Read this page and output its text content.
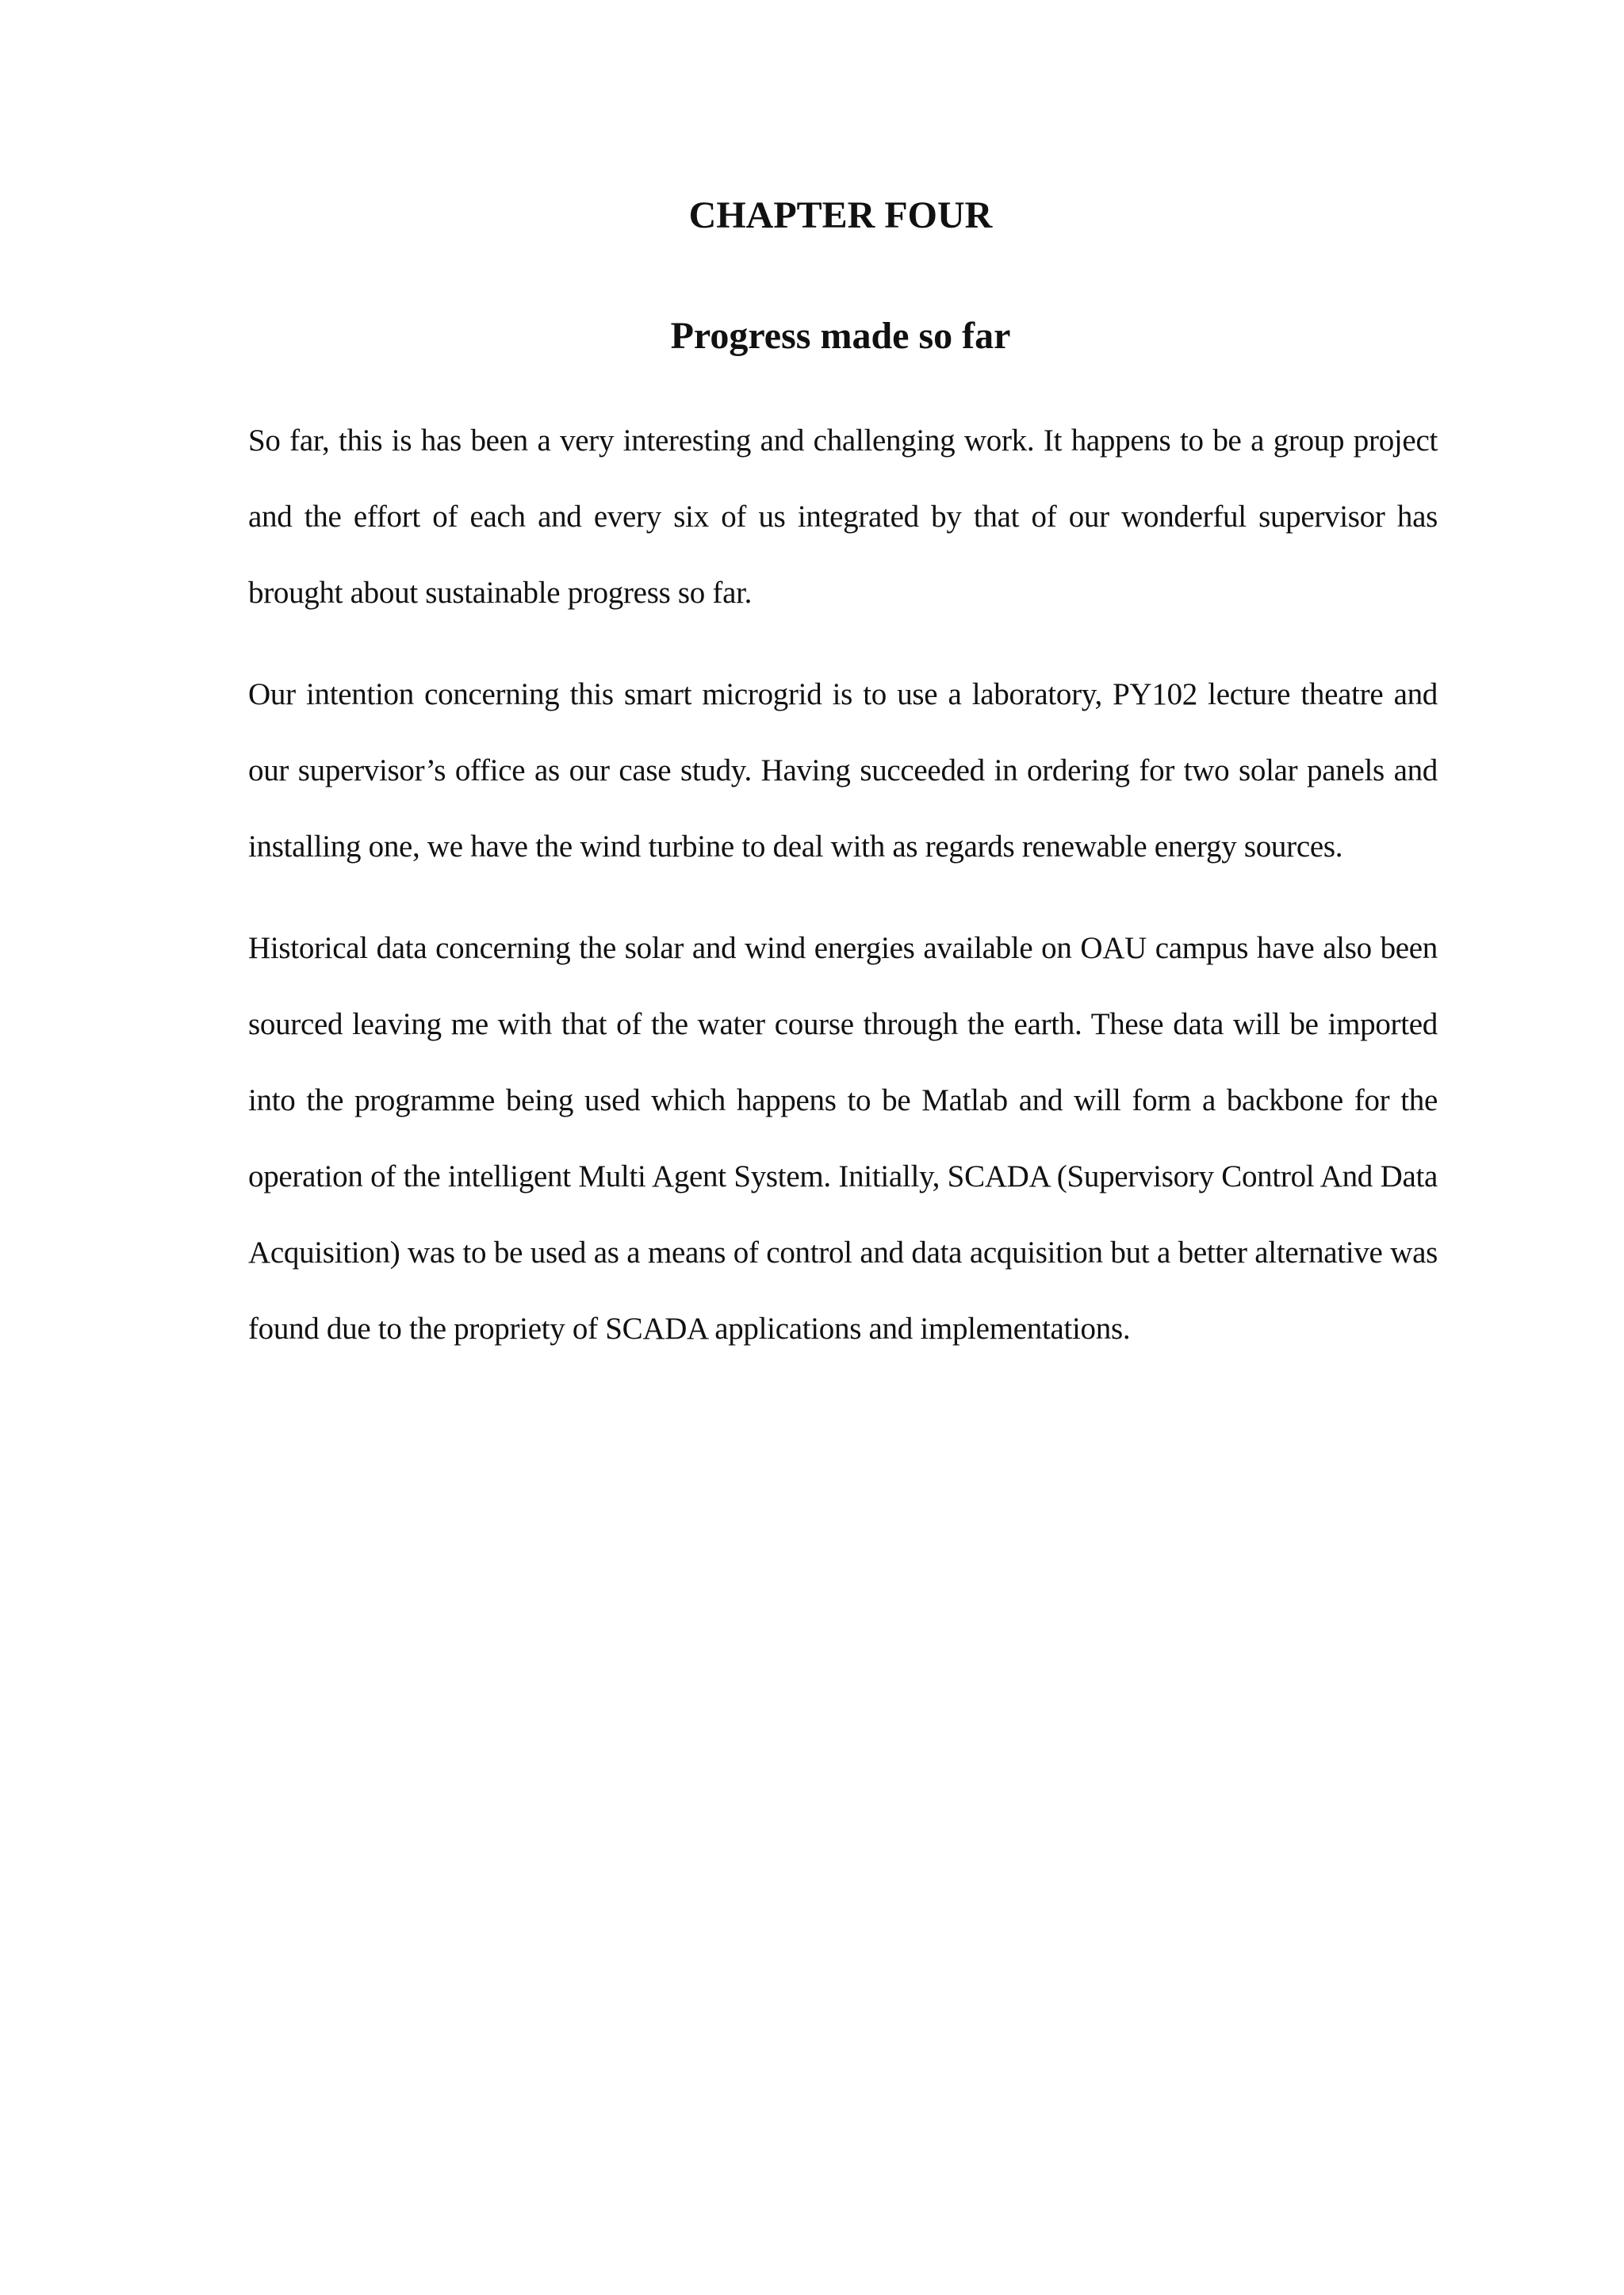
CHAPTER FOUR
Progress made so far

So far, this is has been a very interesting and challenging work. It happens to be a group project and the effort of each and every six of us integrated by that of our wonderful supervisor has brought about sustainable progress so far.

Our intention concerning this smart microgrid is to use a laboratory, PY102 lecture theatre and our supervisor’s office as our case study. Having succeeded in ordering for two solar panels and installing one, we have the wind turbine to deal with as regards renewable energy sources.

Historical data concerning the solar and wind energies available on OAU campus have also been sourced leaving me with that of the water course through the earth. These data will be imported into the programme being used which happens to be Matlab and will form a backbone for the operation of the intelligent Multi Agent System. Initially, SCADA (Supervisory Control And Data Acquisition) was to be used as a means of control and data acquisition but a better alternative was found due to the propriety of SCADA applications and implementations.
